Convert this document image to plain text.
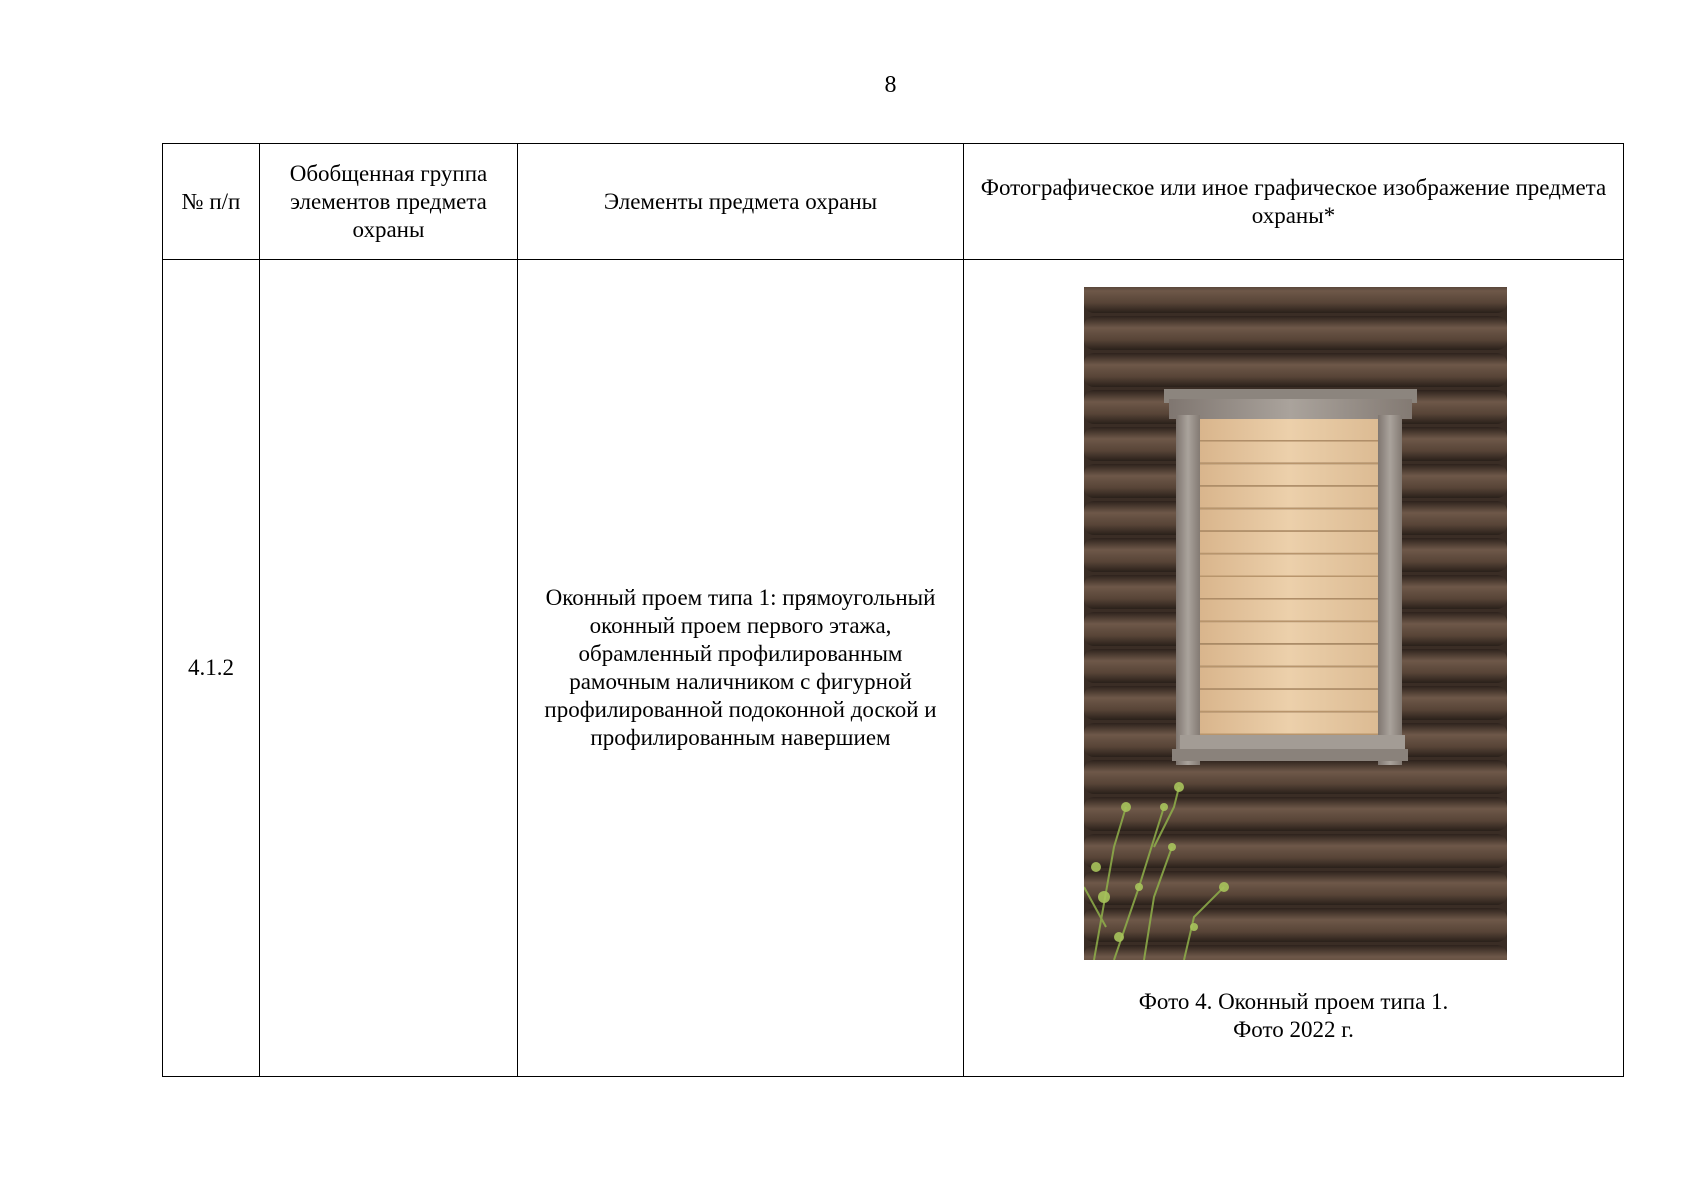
8
№ п/п	Обобщенная группа элементов предмета охраны	Элементы предмета охраны	Фотографическое или иное графическое изображение предмета охраны*
4.1.2		Оконный проем типа 1: прямоугольный оконный проем первого этажа, обрамленный профилированным рамочным наличником с фигурной профилированной подоконной доской и профилированным навершием	Фото 4. Оконный проем типа 1.
Фото 2022 г.
